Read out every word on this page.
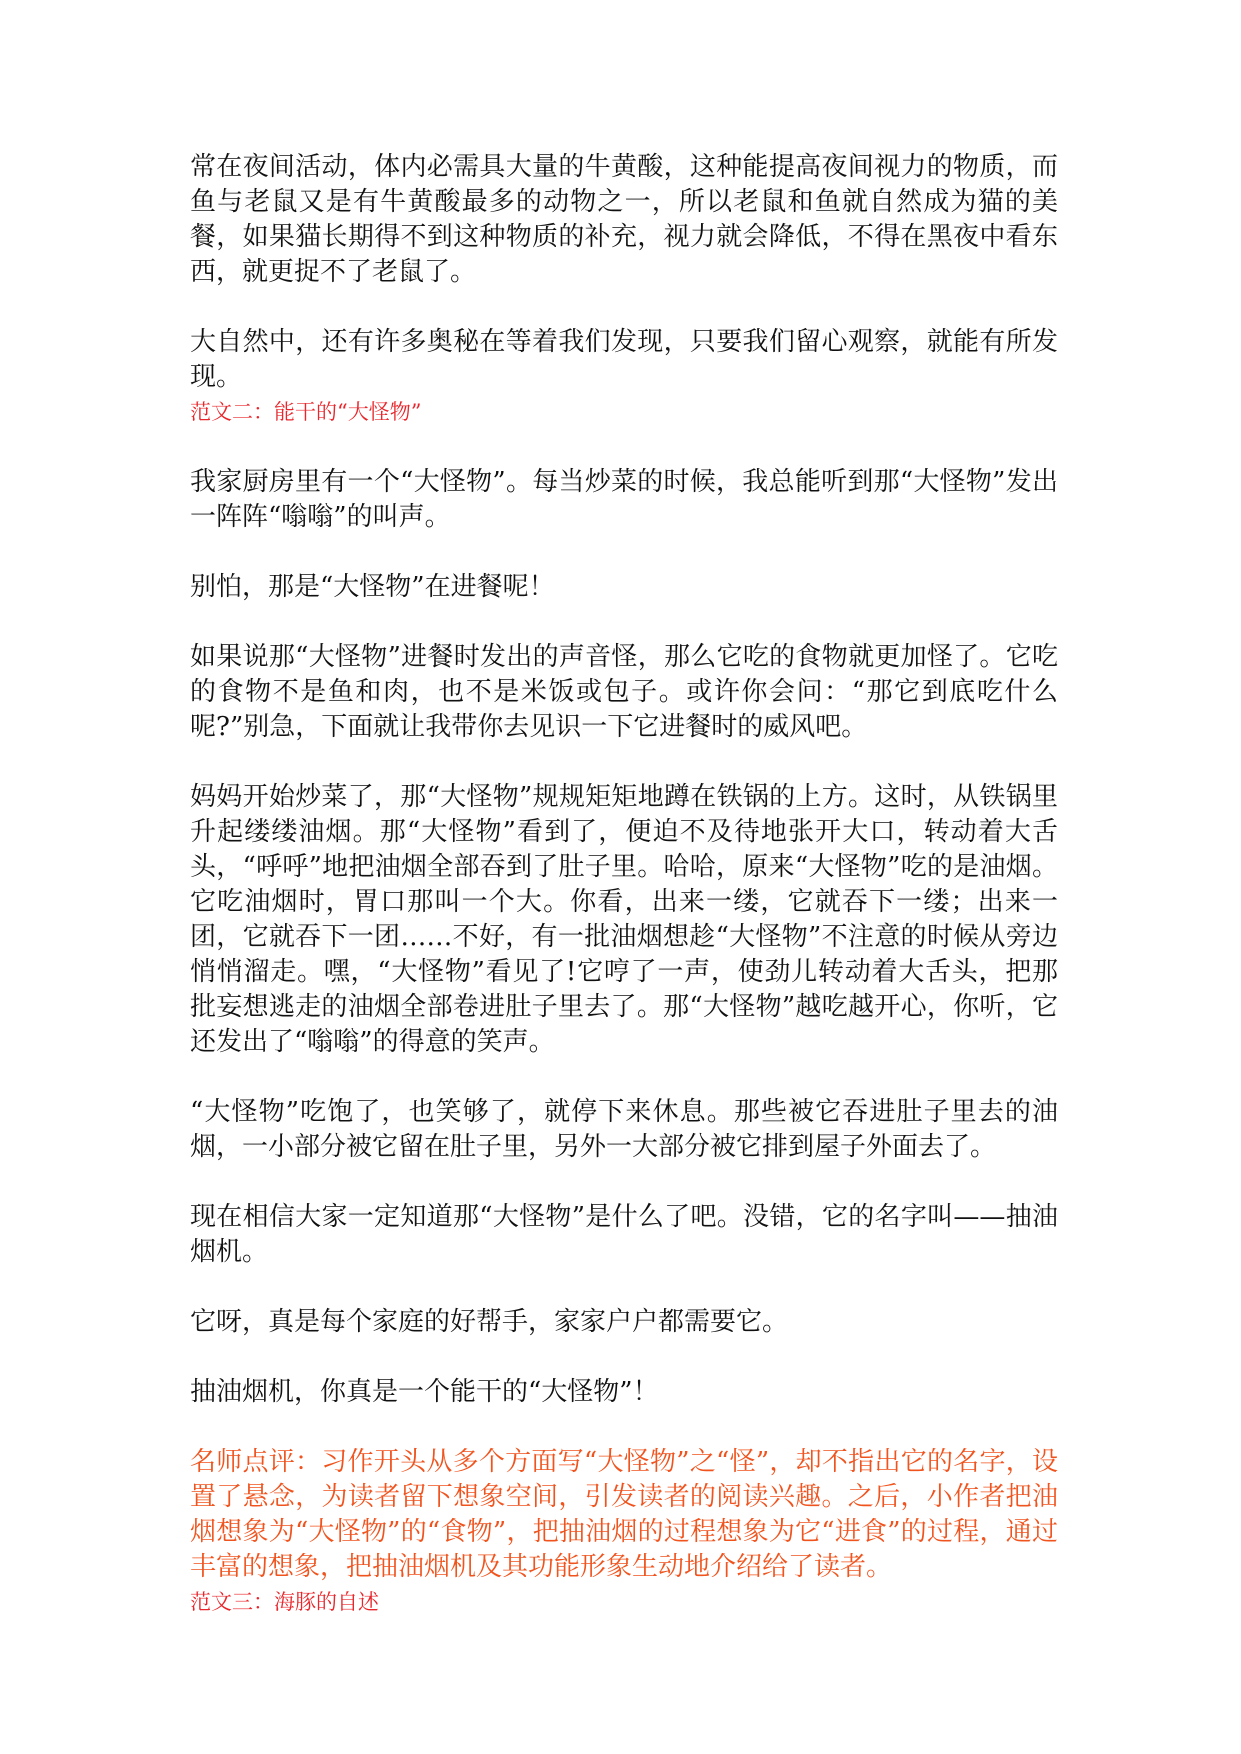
常在夜间活动，体内必需具大量的牛黄酸，这种能提高夜间视力的物质，而鱼与老鼠又是有牛黄酸最多的动物之一，所以老鼠和鱼就自然成为猫的美餐，如果猫长期得不到这种物质的补充，视力就会降低，不得在黑夜中看东西，就更捉不了老鼠了。

大自然中，还有许多奥秘在等着我们发现，只要我们留心观察，就能有所发现。

范文二：能干的“大怪物”

我家厨房里有一个“大怪物”。每当炒菜的时候，我总能听到那“大怪物”发出一阵阵“嗡嗡”的叫声。

别怕，那是“大怪物”在进餐呢！

如果说那“大怪物”进餐时发出的声音怪，那么它吃的食物就更加怪了。它吃的食物不是鱼和肉，也不是米饭或包子。或许你会问：“那它到底吃什么呢?”别急，下面就让我带你去见识一下它进餐时的威风吧。

妈妈开始炒菜了，那“大怪物”规规矩矩地蹲在铁锅的上方。这时，从铁锅里升起缕缕油烟。那“大怪物”看到了，便迫不及待地张开大口，转动着大舌头，“呼呼”地把油烟全部吞到了肚子里。哈哈，原来“大怪物”吃的是油烟。它吃油烟时，胃口那叫一个大。你看，出来一缕，它就吞下一缕；出来一团，它就吞下一团……不好，有一批油烟想趁“大怪物”不注意的时候从旁边悄悄溜走。嘿，“大怪物”看见了!它哼了一声，使劲儿转动着大舌头，把那批妄想逃走的油烟全部卷进肚子里去了。那“大怪物”越吃越开心，你听，它还发出了“嗡嗡”的得意的笑声。

“大怪物”吃饱了，也笑够了，就停下来休息。那些被它吞进肚子里去的油烟，一小部分被它留在肚子里，另外一大部分被它排到屋子外面去了。

现在相信大家一定知道那“大怪物”是什么了吧。没错，它的名字叫——抽油烟机。

它呀，真是每个家庭的好帮手，家家户户都需要它。

抽油烟机，你真是一个能干的“大怪物”！

名师点评：习作开头从多个方面写“大怪物”之“怪”，却不指出它的名字，设置了悬念，为读者留下想象空间，引发读者的阅读兴趣。之后，小作者把油烟想象为“大怪物”的“食物”，把抽油烟的过程想象为它“进食”的过程，通过丰富的想象，把抽油烟机及其功能形象生动地介绍给了读者。

范文三：海豚的自述
